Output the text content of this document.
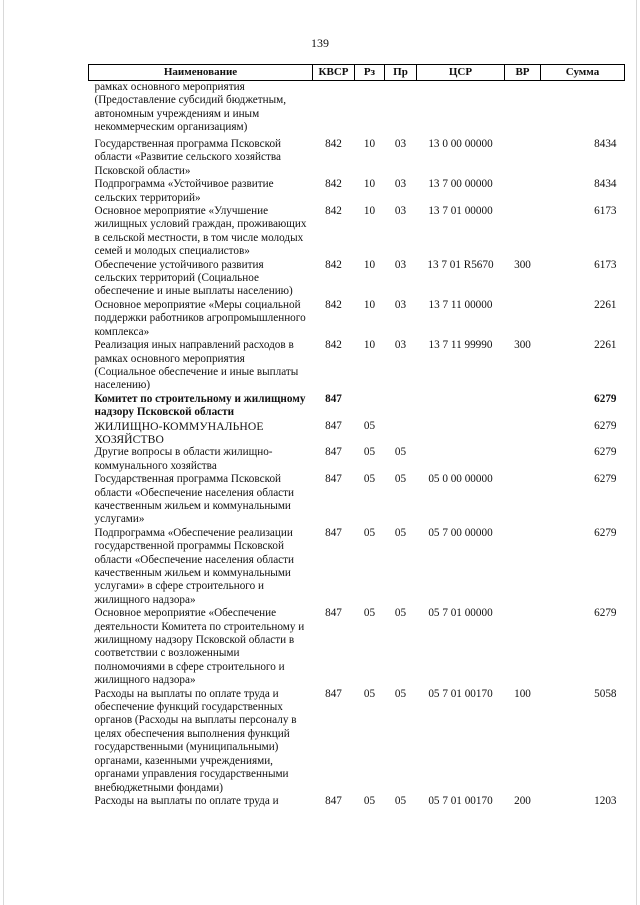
139
Наименование	КВСР	Рз	Пр	ЦСР	ВР	Сумма
рамках основного мероприятия (Предоставление субсидий бюджетным, автономным учреждениям и иным некоммерческим организациям)						
Государственная программа Псковской области «Развитие сельского хозяйства Псковской области»	842	10	03	13 0 00 00000		8434
Подпрограмма «Устойчивое развитие сельских территорий»	842	10	03	13 7 00 00000		8434
Основное мероприятие «Улучшение жилищных условий граждан, проживающих в сельской местности, в том числе молодых семей и молодых специалистов»	842	10	03	13 7 01 00000		6173
Обеспечение устойчивого развития сельских территорий (Социальное обеспечение и иные выплаты населению)	842	10	03	13 7 01 R5670	300	6173
Основное мероприятие «Меры социальной поддержки работников агропромышленного комплекса»	842	10	03	13 7 11 00000		2261
Реализация иных направлений расходов в рамках основного мероприятия (Социальное обеспечение и иные выплаты населению)	842	10	03	13 7 11 99990	300	2261
Комитет по строительному и жилищному надзору Псковской области	847					6279
ЖИЛИЩНО-КОММУНАЛЬНОЕ ХОЗЯЙСТВО	847	05				6279
Другие вопросы в области жилищно-коммунального хозяйства	847	05	05			6279
Государственная программа Псковской области «Обеспечение населения области качественным жильем и коммунальными услугами»	847	05	05	05 0 00 00000		6279
Подпрограмма «Обеспечение реализации государственной программы Псковской области «Обеспечение населения области качественным жильем и коммунальными услугами» в сфере строительного и жилищного надзора»	847	05	05	05 7 00 00000		6279
Основное мероприятие «Обеспечение деятельности Комитета по строительному и жилищному надзору Псковской области в соответствии с возложенными полномочиями в сфере строительного и жилищного надзора»	847	05	05	05 7 01 00000		6279
Расходы на выплаты по оплате труда и обеспечение функций государственных органов (Расходы на выплаты персоналу в целях обеспечения выполнения функций государственными (муниципальными) органами, казенными учреждениями, органами управления государственными внебюджетными фондами)	847	05	05	05 7 01 00170	100	5058
Расходы на выплаты по оплате труда и	847	05	05	05 7 01 00170	200	1203
